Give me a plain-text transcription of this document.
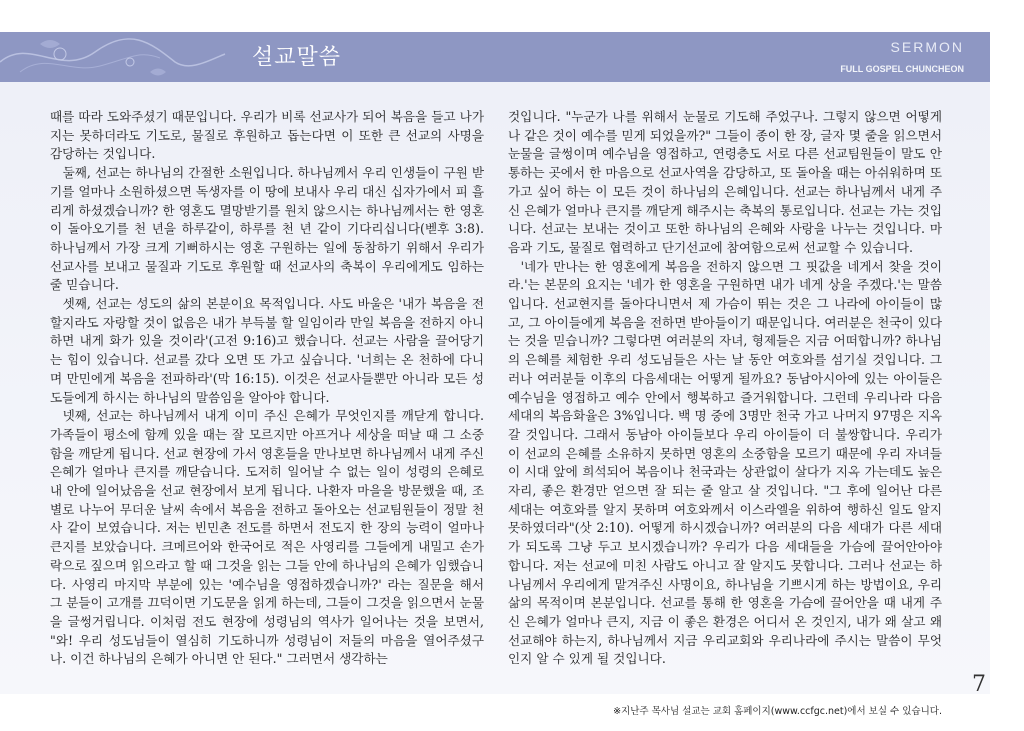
설교말씀	SERMON
FULL GOSPEL CHUNCHEON

때를 따라 도와주셨기 때문입니다. 우리가 비록 선교사가 되어 복음을 들고 나가지는 못하더라도 기도로, 물질로 후원하고 돕는다면 이 또한 큰 선교의 사명을 감당하는 것입니다.

둘째, 선교는 하나님의 간절한 소원입니다. 하나님께서 우리 인생들이 구원 받기를 얼마나 소원하셨으면 독생자를 이 땅에 보내사 우리 대신 십자가에서 피 흘리게 하셨겠습니까? 한 영혼도 멸망받기를 원치 않으시는 하나님께서는 한 영혼이 돌아오기를 천 년을 하루같이, 하루를 천 년 같이 기다리십니다(벧후 3:8). 하나님께서 가장 크게 기뻐하시는 영혼 구원하는 일에 동참하기 위해서 우리가 선교사를 보내고 물질과 기도로 후원할 때 선교사의 축복이 우리에게도 임하는 줄 믿습니다.

셋째, 선교는 성도의 삶의 본분이요 목적입니다. 사도 바울은 '내가 복음을 전할지라도 자랑할 것이 없음은 내가 부득불 할 일임이라 만일 복음을 전하지 아니하면 내게 화가 있을 것이라'(고전 9:16)고 했습니다. 선교는 사람을 끌어당기는 힘이 있습니다. 선교를 갔다 오면 또 가고 싶습니다. '너희는 온 천하에 다니며 만민에게 복음을 전파하라'(막 16:15). 이것은 선교사들뿐만 아니라 모든 성도들에게 하시는 하나님의 말씀임을 알아야 합니다.

넷째, 선교는 하나님께서 내게 이미 주신 은혜가 무엇인지를 깨닫게 합니다. 가족들이 평소에 함께 있을 때는 잘 모르지만 아프거나 세상을 떠날 때 그 소중함을 깨닫게 됩니다. 선교 현장에 가서 영혼들을 만나보면 하나님께서 내게 주신 은혜가 얼마나 큰지를 깨닫습니다. 도저히 일어날 수 없는 일이 성령의 은혜로 내 안에 일어났음을 선교 현장에서 보게 됩니다. 나환자 마을을 방문했을 때, 조별로 나누어 무더운 날씨 속에서 복음을 전하고 돌아오는 선교팀원들이 정말 천사 같이 보였습니다. 저는 빈민촌 전도를 하면서 전도지 한 장의 능력이 얼마나 큰지를 보았습니다. 크메르어와 한국어로 적은 사영리를 그들에게 내밀고 손가락으로 짚으며 읽으라고 할 때 그것을 읽는 그들 안에 하나님의 은혜가 임했습니다. 사영리 마지막 부분에 있는 '예수님을 영접하겠습니까?' 라는 질문을 해서 그 분들이 고개를 끄덕이면 기도문을 읽게 하는데, 그들이 그것을 읽으면서 눈물을 글썽거립니다. 이처럼 전도 현장에 성령님의 역사가 일어나는 것을 보면서, "와! 우리 성도님들이 열심히 기도하니까 성령님이 저들의 마음을 열어주셨구나. 이건 하나님의 은혜가 아니면 안 된다." 그러면서 생각하는

것입니다. "누군가 나를 위해서 눈물로 기도해 주었구나. 그렇지 않으면 어떻게 나 같은 것이 예수를 믿게 되었을까?" 그들이 종이 한 장, 글자 몇 줄을 읽으면서 눈물을 글썽이며 예수님을 영접하고, 연령층도 서로 다른 선교팀원들이 말도 안 통하는 곳에서 한 마음으로 선교사역을 감당하고, 또 돌아올 때는 아쉬워하며 또 가고 싶어 하는 이 모든 것이 하나님의 은혜입니다. 선교는 하나님께서 내게 주신 은혜가 얼마나 큰지를 깨닫게 해주시는 축복의 통로입니다. 선교는 가는 것입니다. 선교는 보내는 것이고 또한 하나님의 은혜와 사랑을 나누는 것입니다. 마음과 기도, 물질로 협력하고 단기선교에 참여함으로써 선교할 수 있습니다.

'네가 만나는 한 영혼에게 복음을 전하지 않으면 그 핏값을 네게서 찾을 것이라.'는 본문의 요지는 '네가 한 영혼을 구원하면 내가 네게 상을 주겠다.'는 말씀입니다. 선교현지를 돌아다니면서 제 가슴이 뛰는 것은 그 나라에 아이들이 많고, 그 아이들에게 복음을 전하면 받아들이기 때문입니다. 여러분은 천국이 있다는 것을 믿습니까? 그렇다면 여러분의 자녀, 형제들은 지금 어떠합니까? 하나님의 은혜를 체험한 우리 성도님들은 사는 날 동안 여호와를 섬기실 것입니다. 그러나 여러분들 이후의 다음세대는 어떻게 될까요? 동남아시아에 있는 아이들은 예수님을 영접하고 예수 안에서 행복하고 즐거워합니다. 그런데 우리나라 다음 세대의 복음화율은 3%입니다. 백 명 중에 3명만 천국 가고 나머지 97명은 지옥 갈 것입니다. 그래서 동남아 아이들보다 우리 아이들이 더 불쌍합니다. 우리가 이 선교의 은혜를 소유하지 못하면 영혼의 소중함을 모르기 때문에 우리 자녀들이 시대 앞에 희석되어 복음이나 천국과는 상관없이 살다가 지옥 가는데도 높은 자리, 좋은 환경만 얻으면 잘 되는 줄 알고 살 것입니다. "그 후에 일어난 다른 세대는 여호와를 알지 못하며 여호와께서 이스라엘을 위하여 행하신 일도 알지 못하였더라"(삿 2:10). 어떻게 하시겠습니까? 여러분의 다음 세대가 다른 세대가 되도록 그냥 두고 보시겠습니까? 우리가 다음 세대들을 가슴에 끌어안아야 합니다. 저는 선교에 미친 사람도 아니고 잘 알지도 못합니다. 그러나 선교는 하나님께서 우리에게 맡겨주신 사명이요, 하나님을 기쁘시게 하는 방법이요, 우리 삶의 목적이며 본분입니다. 선교를 통해 한 영혼을 가슴에 끌어안을 때 내게 주신 은혜가 얼마나 큰지, 지금 이 좋은 환경은 어디서 온 것인지, 내가 왜 살고 왜 선교해야 하는지, 하나님께서 지금 우리교회와 우리나라에 주시는 말씀이 무엇인지 알 수 있게 될 것입니다.

7
※지난주 목사님 설교는 교회 홈페이지(www.ccfgc.net)에서 보실 수 있습니다.
